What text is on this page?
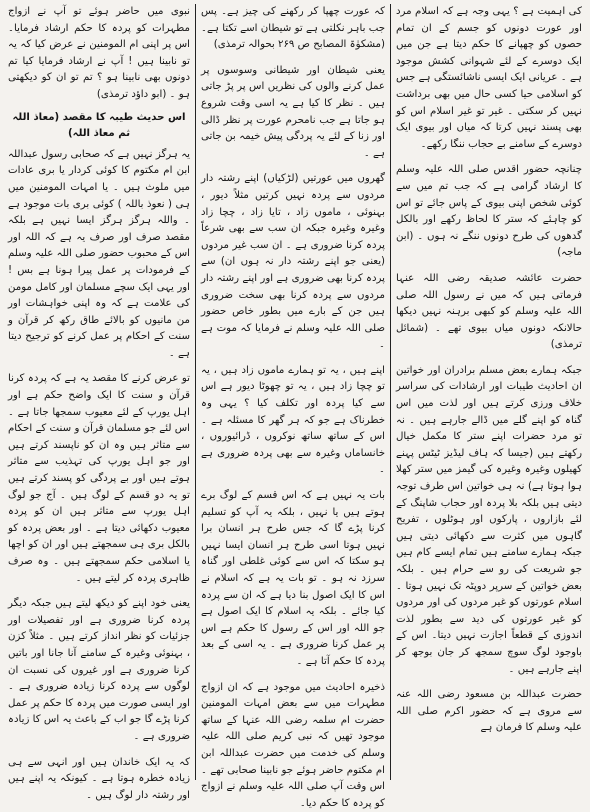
کی اہمیت ہے ؟ یہی وجہ ہے کہ اسلام مرد اور عورت دونوں کو جسم کے ان تمام حصوں کو چھپانے کا حکم دیتا ہے جن میں ایک دوسرے کے لئے شہوانی کشش موجود ہے ۔ عریانی ایک ایسی ناشائستگی ہے جس کو اسلامی حیا کسی حال میں بھی برداشت نہیں کر سکتی ۔ غیر تو غیر اسلام اس کو بھی پسند نہیں کرتا کہ میاں اور بیوی ایک دوسرے کے سامنے بے حجاب ننگا رکھے۔

چنانچہ حضور اقدس صلی اللہ علیہ وسلم کا ارشاد گرامی ہے کہ جب تم میں سے کوئی شخص اپنی بیوی کے پاس جائے تو اس کو چاہئے کہ ستر کا لحاظ رکھے اور بالکل گدھوں کی طرح دونوں ننگے نہ ہوں ۔ (ابن ماجہ)

حضرت عائشہ صدیقہ رضی اللہ عنہا فرماتی ہیں کہ میں نے رسول اللہ صلی اللہ علیہ وسلم کو کبھی برہنہ نہیں دیکھا حالانکہ دونوں میاں بیوی تھے ۔ (شمائل ترمذی)

جبکہ ہمارے بعض مسلم برادران اور خواتین ان احادیث طیبات اور ارشادات کی سراسر خلاف ورزی کرتے ہیں اور لذت میں اس گناہ کو اپنے گلے میں ڈالے جارہے ہیں ۔ نہ تو مرد حضرات اپنے ستر کا مکمل خیال رکھتے ہیں (جیسا کہ ہاف لیڈیز ٹیٹس پہنے کھیلوں وغیرہ وغیرہ کی گیمز میں ستر کھلا ہوا ہوتا ہے) نہ ہی خواتین اس طرف توجہ دیتی ہیں بلکہ بلا پردہ اور حجاب شاپنگ کے لئے بازاروں ، پارکوں اور ہوٹلوں ، تفریح گاہوں میں کثرت سے دکھائی دیتی ہیں جبکہ ہمارے سامنے ہیں تمام ایسے کام ہیں جو شریعت کی رو سے حرام ہیں ۔ بلکہ بعض خواتین کے سرپر دوپٹہ تک نہیں ہوتا ۔ اسلام عورتوں کو غیر مردوں کی اور مردوں کو غیر عورتوں کی دید سے بطور لذت اندوزی کے قطعاً اجازت نہیں دیتا۔ اس کے باوجود لوگ سوچ سمجھ کر جان بوجھ کر اپنے جارہے ہیں ۔

حضرت عبداللہ بن مسعود رضی اللہ عنہ سے مروی ہے کہ حضور اکرم صلی اللہ علیہ وسلم کا فرمان ہے

کہ عورت چھپا کر رکھنے کی چیز ہے۔ پس جب باہر نکلتی ہے تو شیطان اسے تکتا ہے۔ (مشکوٰۃ المصابح ص ۲۶۹ بحوالہ ترمذی)

یعنی شیطان اور شیطانی وسوسوں پر عمل کرنے والوں کی نظریں اس پر پڑ جاتی ہیں ۔ نظر کا کیا ہے یہ اسی وقت شروع ہو جاتا ہے جب نامحرم عورت پر نظر ڈالی اور زنا کے لئے یہ پردگی پیش خیمہ بن جاتی ہے ۔

گھروں میں عورتیں (لڑکیاں) اپنے رشتہ دار مردوں سے پردہ نہیں کرتیں مثلاً دیور ، بہنوئی ، ماموں زاد ، تایا زاد ، چچا زاد وغیرہ وغیرہ جبکہ ان سب سے بھی شرعاً پردہ کرنا ضروری ہے ۔ ان سب غیر مردوں (یعنی جو اپنے رشتہ دار نہ ہوں ان) سے پردہ کرنا بھی ضروری ہے اور اپنے رشتہ دار مردوں سے پردہ کرنا بھی سخت ضروری ہیں جن کے بارے میں بطور خاص حضور صلی اللہ علیہ وسلم نے فرمایا کہ موت ہے ۔

اپنے ہیں ، یہ تو ہمارے ماموں زاد ہیں ، یہ تو چچا زاد ہیں ، یہ تو چھوٹا دیور ہے اس سے کیا پردہ اور تکلف کیا ؟ یہی وہ خطرناک ہے جو کہ ہر گھر کا مسئلہ ہے ۔ اس کے ساتھ ساتھ نوکروں ، ڈرائیوروں ، خانساماں وغیرہ سے بھی پردہ ضروری ہے ۔

بات یہ نہیں ہے کہ اس قسم کے لوگ برے ہوتے ہیں یا نہیں ، بلکہ یہ آپ کو تسلیم کرنا پڑے گا کہ جس طرح ہر انسان برا نہیں ہوتا اسی طرح ہر انسان ایسا نہیں ہو سکتا کہ اس سے کوئی غلطی اور گناہ سرزد نہ ہو ۔ تو بات یہ ہے کہ اسلام نے اس کا ایک اصول بنا دیا ہے کہ ان سے پردہ کیا جائے ۔ بلکہ یہ اسلام کا ایک اصول ہے جو اللہ اور اس کے رسول کا حکم ہے اس پر عمل کرنا ضروری ہے ۔ یہ اسی کے بعد پردہ کا حکم آتا ہے ۔

ذخیرہ احادیث میں موجود ہے کہ ان ازواج مطہرات میں سے بعض امہات المومنین حضرت ام سلمہ رضی اللہ عنہا کے ساتھ موجود تھیں کہ نبی کریم صلی اللہ علیہ وسلم کی خدمت میں حضرت عبداللہ ابن ام مکتوم حاضر ہوئے جو نابینا صحابی تھے ۔ اس وقت آپ صلی اللہ علیہ وسلم نے ازواج کو پردہ کا حکم دیا۔

نبوی میں حاضر ہوئے تو آپ نے ازواج مطہرات کو پردہ کا حکم ارشاد فرمایا۔ اس پر اپنی ام المومنین نے عرض کیا کہ یہ تو نابینا ہیں ! آپ نے ارشاد فرمایا کیا تم دونوں بھی نابینا ہو ؟ تم تو ان کو دیکھتی ہو ۔ (ابو داؤد ترمذی)

اس حدیث طیبہ کا مقصد (معاذ اللہ ثم معاذ اللہ)

یہ ہرگز نہیں ہے کہ صحابی رسول عبداللہ ابن ام مکتوم کا کوئی کردار یا بری عادات میں ملوث ہیں ۔ یا امہات المومنین میں ہی ( نعوذ باللہ ) کوئی بری بات موجود ہے ۔ واللہ ہرگز ہرگز ایسا نہیں ہے بلکہ مقصد صرف اور صرف یہ ہے کہ اللہ اور اس کے محبوب حضور صلی اللہ علیہ وسلم کے فرمودات پر عمل پیرا ہونا ہے بس ! اور یہی ایک سچے مسلمان اور کامل مومن کی علامت ہے کہ وہ اپنی خواہشات اور من مانیوں کو بالائے طاق رکھ کر قرآن و سنت کے احکام پر عمل کرنے کو ترجیح دیتا ہے ۔

تو عرض کرنے کا مقصد یہ ہے کہ پردہ کرنا قرآن و سنت کا ایک واضح حکم ہے اور اہل یورپ کے لئے معیوب سمجھا جاتا ہے ۔ اس لئے جو مسلمان قرآن و سنت کے احکام سے متاثر ہیں وہ ان کو ناپسند کرتے ہیں اور جو اہل یورپ کی تہذیب سے متاثر ہوتے ہیں اور بے پردگی کو پسند کرتے ہیں تو یہ دو قسم کے لوگ ہیں ۔ آج جو لوگ اہل یورپ سے متاثر ہیں ان کو پردہ معیوب دکھائی دیتا ہے ۔ اور بعض پردہ کو بالکل بری ہی سمجھتے ہیں اور ان کو اچھا یا اسلامی حکم سمجھتے ہیں ۔ وہ صرف ظاہری پردہ کر لیتے ہیں ۔

یعنی خود اپنے کو دیکھ لیتے ہیں جبکہ دیگر پردہ کرنا ضروری ہے اور تفصیلات اور جزئیات کو نظر انداز کرتے ہیں ۔ مثلاً کزن ، بہنوئی وغیرہ کے سامنے آنا جانا اور باتیں کرنا ضروری ہے اور غیروں کی نسبت ان لوگوں سے پردہ کرنا زیادہ ضروری ہے ۔ اور ایسی صورت میں پردہ کا حکم پر عمل کرنا پڑے گا جو اب کے باعث یہ اس کا زیادہ ضروری ہے ۔

کہ یہ ایک خاندان ہیں اور انہی سے ہی زیادہ خطرہ ہوتا ہے ۔ کیونکہ یہ اپنے ہیں اور رشتہ دار لوگ ہیں ۔
